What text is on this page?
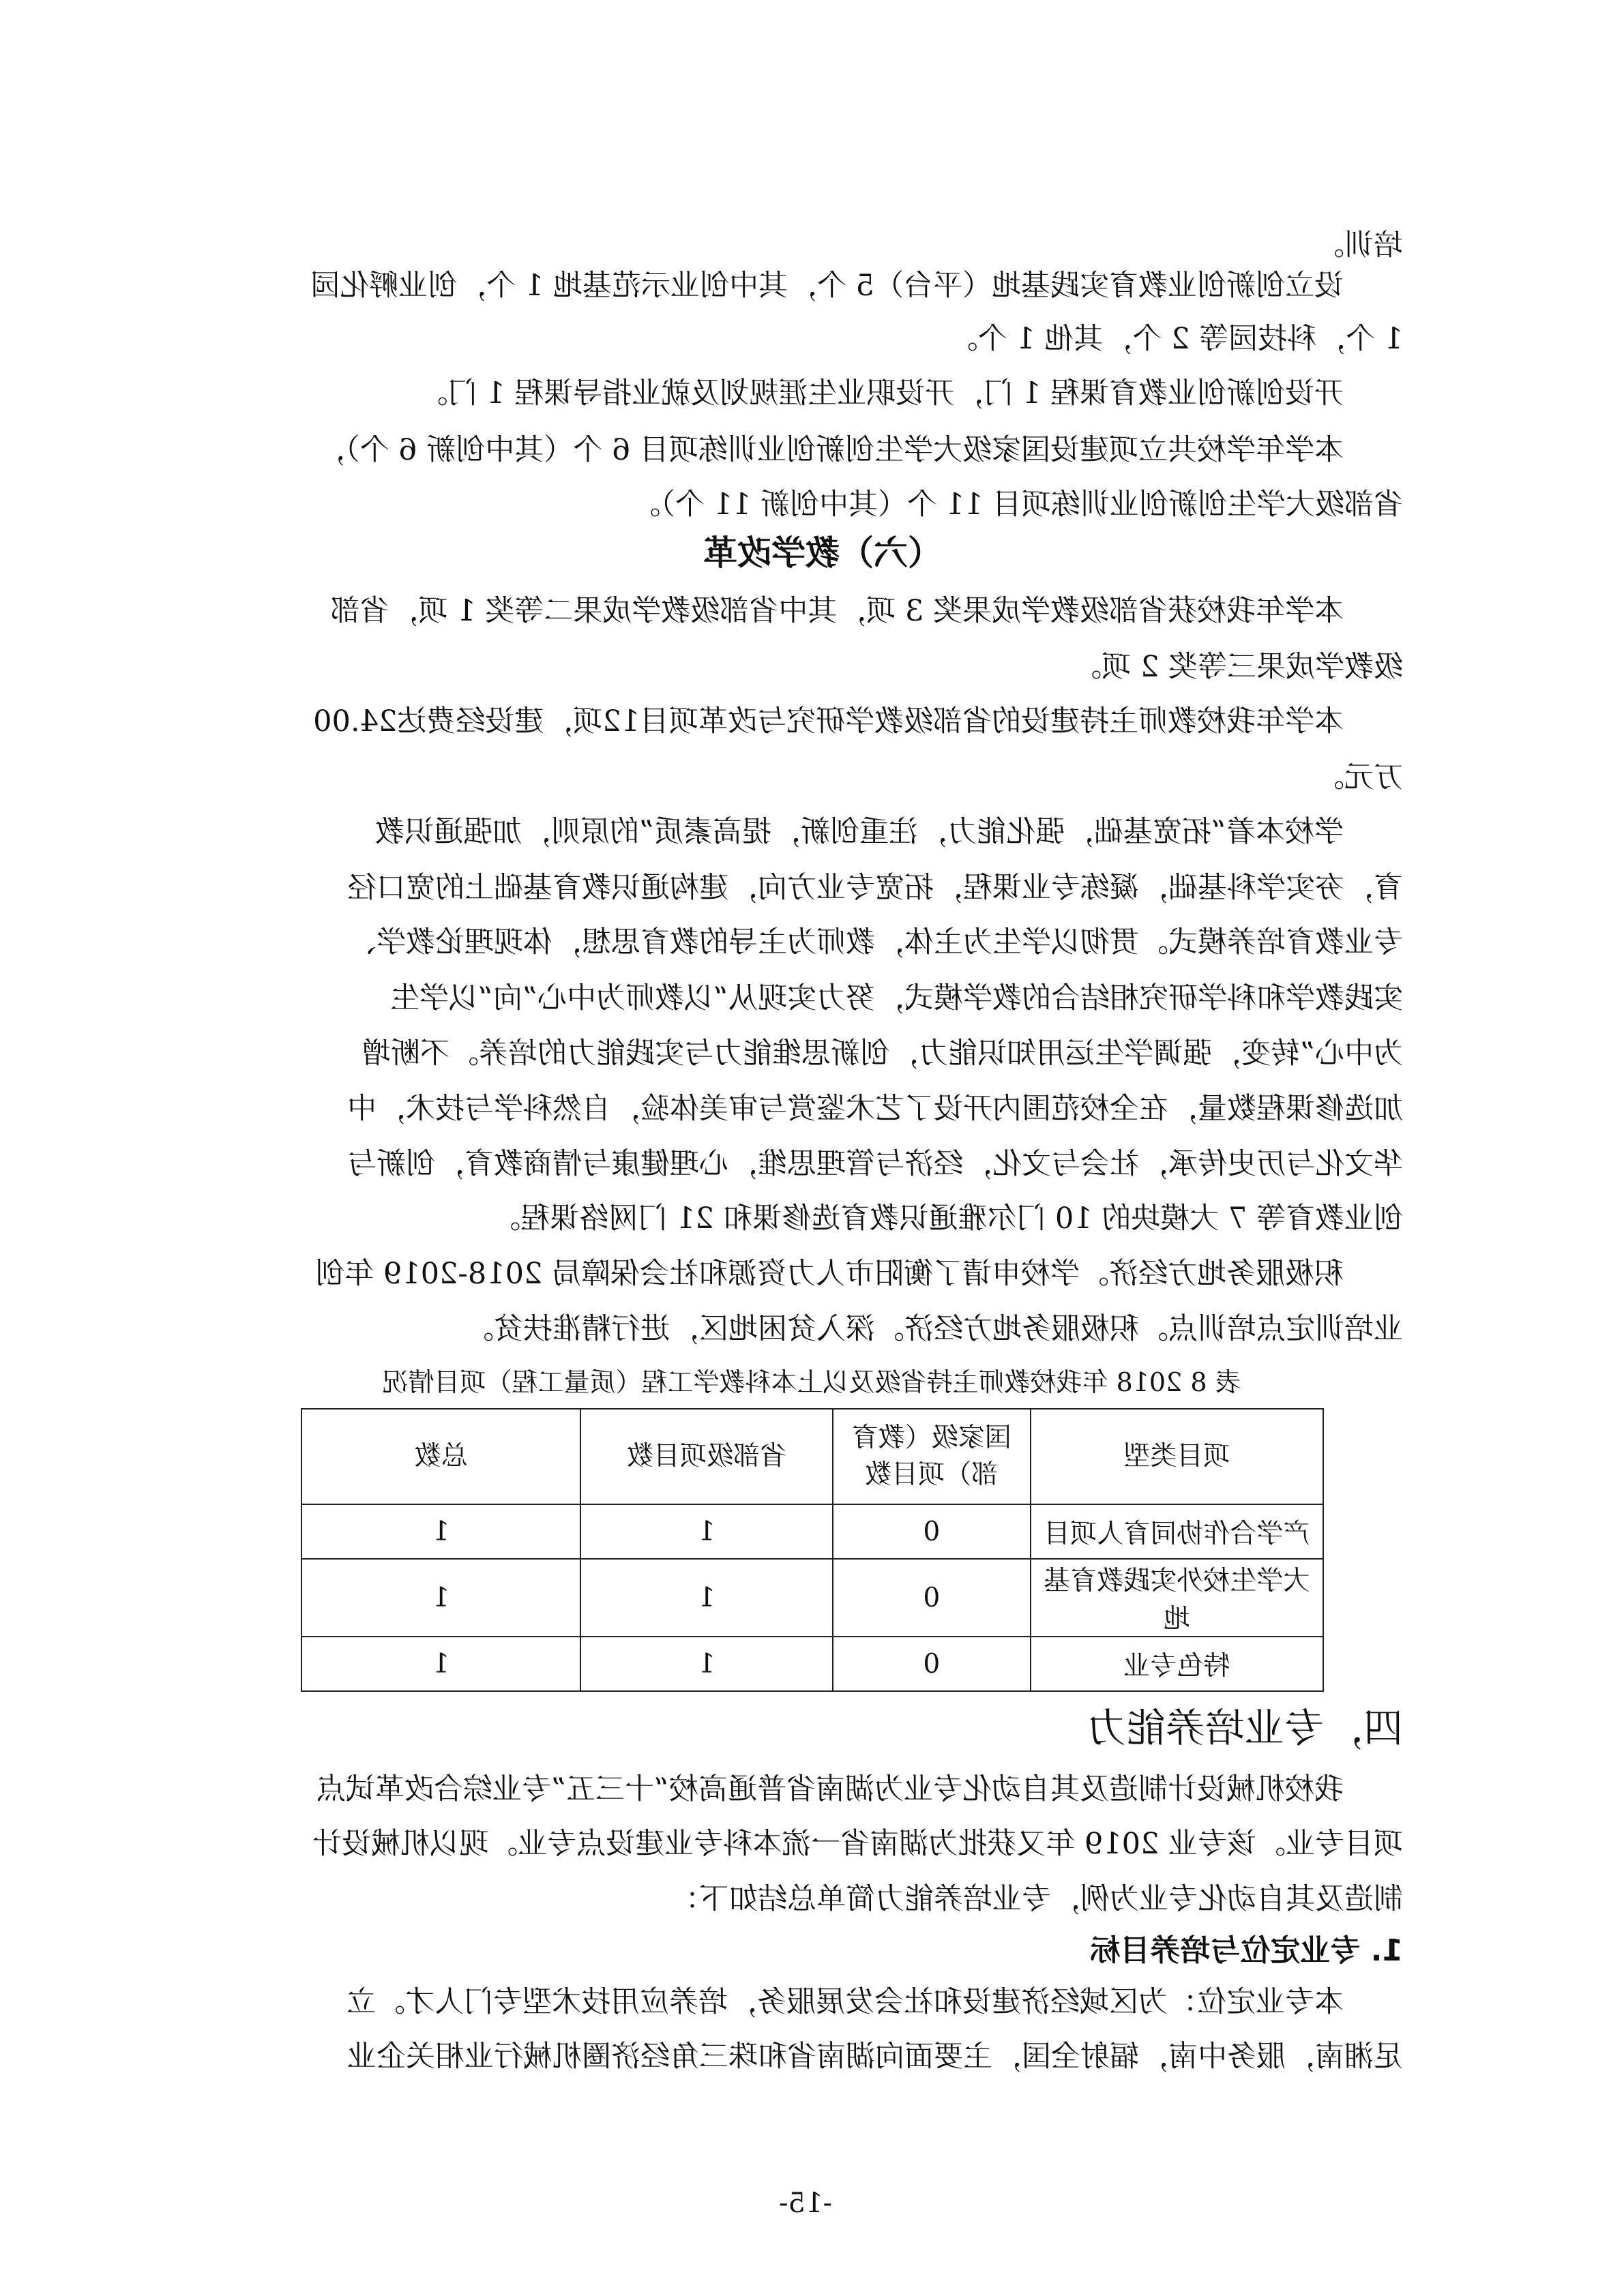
培训。
设立创新创业教育实践基地（平台）5 个，其中创业示范基地 1 个，创业孵化园
1 个，科技园等 2 个，其他 1 个。
开设创新创业教育课程 1 门，开设职业生涯规划及就业指导课程 1 门。
本学年学校共立项建设国家级大学生创新创业训练项目 6 个（其中创新 6 个），
省部级大学生创新创业训练项目 11 个（其中创新 11 个）。
（六）教学改革
本学年我校获省部级教学成果奖 3 项，其中省部级教学成果二等奖 1 项，省部
级教学成果三等奖 2 项。
本学年我校教师主持建设的省部级教学研究与改革项目12项，建设经费达24.00
万元。
学校本着“拓宽基础，强化能力，注重创新，提高素质”的原则，加强通识教
育，夯实学科基础，凝练专业课程，拓宽专业方向，建构通识教育基础上的宽口径
专业教育培养模式。贯彻以学生为主体，教师为主导的教育思想，体现理论教学、
实践教学和科学研究相结合的教学模式，努力实现从“以教师为中心”向“以学生
为中心”转变，强调学生运用知识能力，创新思维能力与实践能力的培养。不断增
加选修课程数量，在全校范围内开设了艺术鉴赏与审美体验，自然科学与技术，中
华文化与历史传承，社会与文化，经济与管理思维，心理健康与情商教育，创新与
创业教育等 7 大模块的 10 门尔雅通识教育选修课和 21 门网络课程。
积极服务地方经济。学校申请了衡阳市人力资源和社会保障局 2018-2019 年创
业培训定点培训点。积极服务地方经济。深入贫困地区，进行精准扶贫。
表 8 2018 年我校教师主持省级及以上本科教学工程（质量工程）项目情况
项目类型	国家级（教育部）项目数	省部级项目数	总数
产学合作协同育人项目	0	1	1
大学生校外实践教育基地	0	1	1
特色专业	0	1	1
四，专业培养能力
我校机械设计制造及其自动化专业为湖南省普通高校“十三五”专业综合改革试点
项目专业。该专业 2019 年又获批为湖南省一流本科专业建设点专业。现以机械设计
制造及其自动化专业为例，专业培养能力简单总结如下：
1. 专业定位与培养目标
本专业定位：为区域经济建设和社会发展服务，培养应用技术型专门人才。立
足湘南，服务中南，辐射全国，主要面向湖南省和珠三角经济圈机械行业相关企业
-15-
